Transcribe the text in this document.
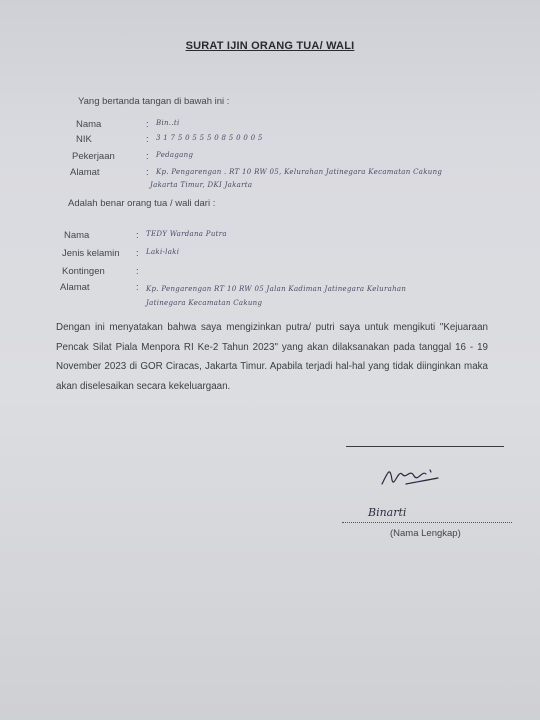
SURAT IJIN ORANG TUA/ WALI
Yang bertanda tangan di bawah ini :
Nama	: Bin..ti
NIK	: 3 1 7 5 0 5 5 5 0 8 5 0 0 0 5
Pekerjaan	: Pedagang
Alamat	: Kp. Pengarengan . RT 10 RW 05, Kelurahan Jatinegara Kecamatan Cakung
Jakarta Timur, DKI Jakarta
Adalah benar orang tua / wali dari :
Nama	: TEDY Wardana Putra
Jenis kelamin : Laki-laki
Kontingen	:
Alamat	: Kp. Pengarengan RT 10 RW 05 Jalan Kadiman Jatinegara Kelurahan
Jatinegara Kecamatan Cakung
Dengan ini menyatakan bahwa saya mengizinkan putra/ putri saya untuk mengikuti "Kejuaraan Pencak Silat Piala Menpora RI Ke-2 Tahun 2023" yang akan dilaksanakan pada tanggal 16 - 19 November 2023 di GOR Ciracas, Jakarta Timur. Apabila terjadi hal-hal yang tidak diinginkan maka akan diselesaikan secara kekeluargaan.
Binarti
(Nama Lengkap)
